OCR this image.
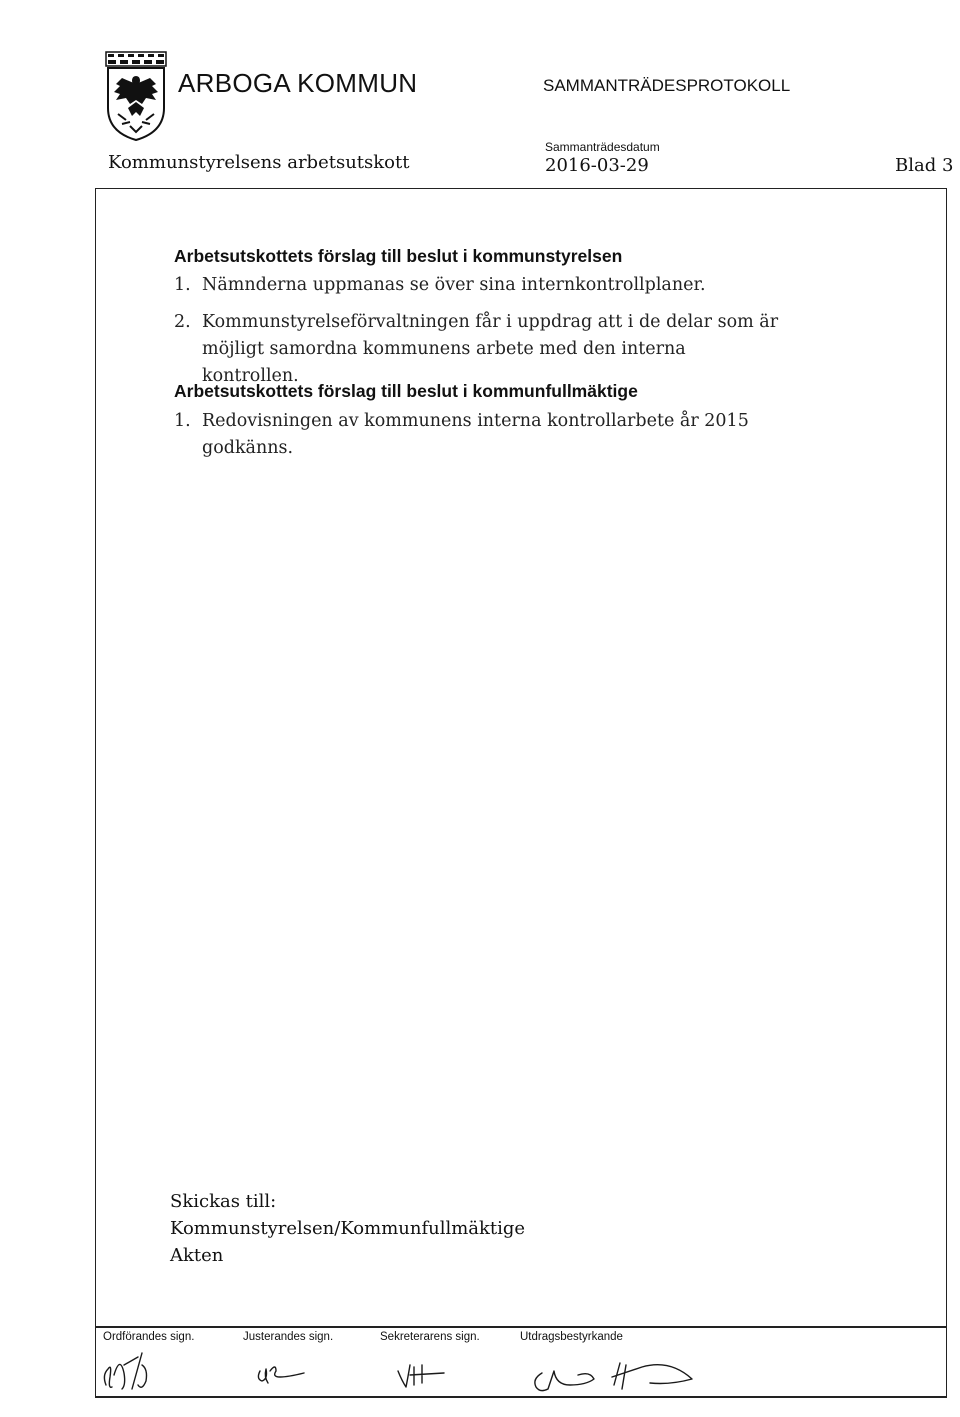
ARBOGA KOMMUN	SAMMANTRÄDESPROTOKOLL
Kommunstyrelsens arbetsutskott
Sammanträdesdatum
2016-03-29	Blad 3
Arbetsutskottets förslag till beslut i kommunstyrelsen
1. Nämnderna uppmanas se över sina internkontrollplaner.
2. Kommunstyrelseförvaltningen får i uppdrag att i de delar som är
möjligt samordna kommunens arbete med den interna kontrollen.
Arbetsutskottets förslag till beslut i kommunfullmäktige
1. Redovisningen av kommunens interna kontrollarbete år 2015
godkänns.
Skickas till:
Kommunstyrelsen/Kommunfullmäktige
Akten
Ordförandes sign.	Justerandes sign.	Sekreterarens sign.	Utdragsbestyrkande
